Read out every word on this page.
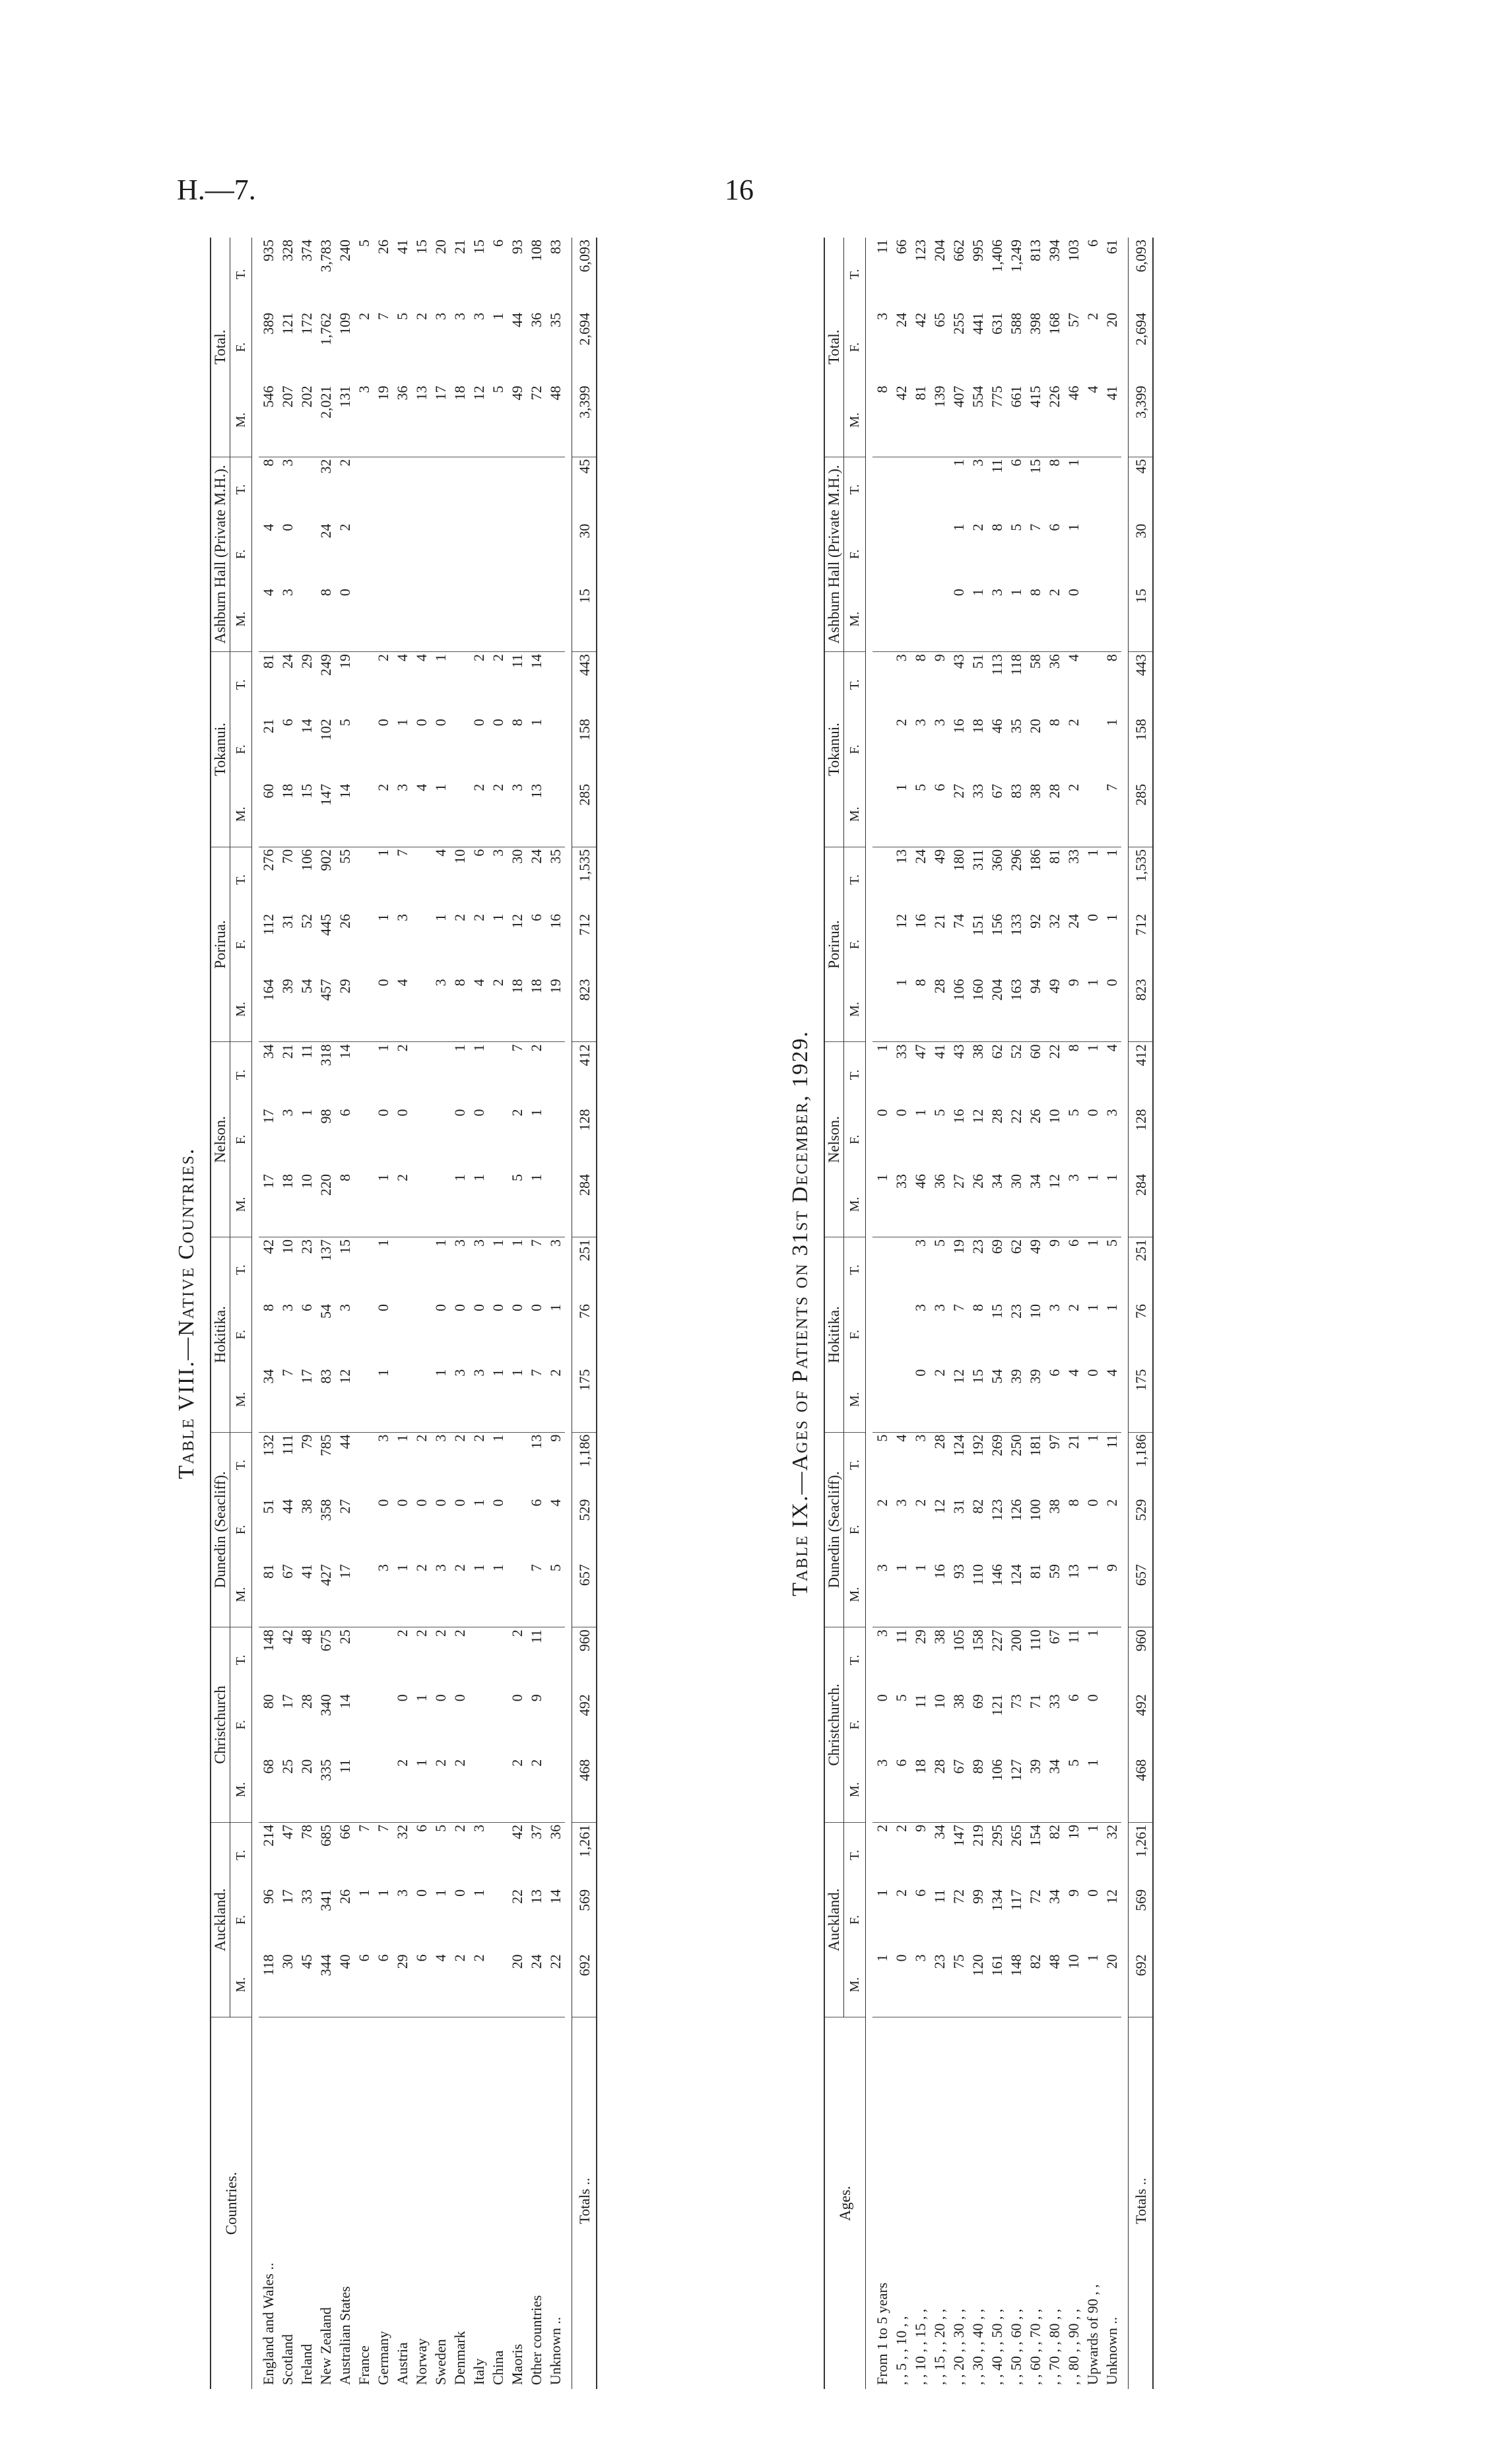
H.—7.	16
Table VIII.—Native Countries.
Countries.	Auckland.			Christchurch			Dunedin (Seacliff).			Hokitika.			Nelson.			Porirua.			Tokanui.			Ashburn Hall (Private M.H.).			Total.		
	M.	F.	T.	M.	F.	T.	M.	F.	T.	M.	F.	T.	M.	F.	T.	M.	F.	T.	M.	F.	T.	M.	F.	T.	M.	F.	T.

England and Wales ..	118	96	214	68	80	148	81	51	132	34	8	42	17	17	34	164	112	276	60	21	81	4	4	8	546	389	935
Scotland	30	17	47	25	17	42	67	44	111	7	3	10	18	3	21	39	31	70	18	6	24	3	0	3	207	121	328
Ireland	45	33	78	20	28	48	41	38	79	17	6	23	10	1	11	54	52	106	15	14	29				202	172	374
New Zealand	344	341	685	335	340	675	427	358	785	83	54	137	220	98	318	457	445	902	147	102	249	8	24	32	2,021	1,762	3,783
Australian States	40	26	66	11	14	25	17	27	44	12	3	15	8	6	14	29	26	55	14	5	19	0	2	2	131	109	240
France	6	1	7																						3	2	5
Germany	6	1	7				3	0	3	1	0	1	1	0	1	0	1	1	2	0	2				19	7	26
Austria	29	3	32	2	0	2	1	0	1				2	0	2	4	3	7	3	1	4				36	5	41
Norway	6	0	6	1	1	2	2	0	2										4	0	4				13	2	15
Sweden	4	1	5	2	0	2	3	0	3	1	0	1				3	1	4	1	0	1				17	3	20
Denmark	2	0	2	2	0	2	2	0	2	3	0	3	1	0	1	8	2	10							18	3	21
Italy	2	1	3				1	1	2	3	0	3	1	0	1	4	2	6	2	0	2				12	3	15
China							1	0	1	1	0	1				2	1	3	2	0	2				5	1	6
Maoris	20	22	42	2	0	2				1	0	1	5	2	7	18	12	30	3	8	11				49	44	93
Other countries	24	13	37	2	9	11	7	6	13	7	0	7	1	1	2	18	6	24	13	1	14				72	36	108
Unknown ..	22	14	36				5	4	9	2	1	3				19	16	35							48	35	83

Totals ..	692	569	1,261	468	492	960	657	529	1,186	175	76	251	284	128	412	823	712	1,535	285	158	443	15	30	45	3,399	2,694	6,093
Table IX.—Ages of Patients on 31st December, 1929.
Ages.	Auckland.			Christchurch.			Dunedin (Seacliff).			Hokitika.			Nelson.			Porirua.			Tokanui.			Ashburn Hall (Private M.H.).			Total.		
	M.	F.	T.	M.	F.	T.	M.	F.	T.	M.	F.	T.	M.	F.	T.	M.	F.	T.	M.	F.	T.	M.	F.	T.	M.	F.	T.

From 1 to 5 years	1	1	2	3	0	3	3	2	5				1	0	1										8	3	11
, , 5 , , 10 , ,	0	2	2	6	5	11	1	3	4				33	0	33	1	12	13	1	2	3				42	24	66
, , 10 , , 15 , ,	3	6	9	18	11	29	1	2	3	0	3	3	46	1	47	8	16	24	5	3	8				81	42	123
, , 15 , , 20 , ,	23	11	34	28	10	38	16	12	28	2	3	5	36	5	41	28	21	49	6	3	9				139	65	204
, , 20 , , 30 , ,	75	72	147	67	38	105	93	31	124	12	7	19	27	16	43	106	74	180	27	16	43	0	1	1	407	255	662
, , 30 , , 40 , ,	120	99	219	89	69	158	110	82	192	15	8	23	26	12	38	160	151	311	33	18	51	1	2	3	554	441	995
, , 40 , , 50 , ,	161	134	295	106	121	227	146	123	269	54	15	69	34	28	62	204	156	360	67	46	113	3	8	11	775	631	1,406
, , 50 , , 60 , ,	148	117	265	127	73	200	124	126	250	39	23	62	30	22	52	163	133	296	83	35	118	1	5	6	661	588	1,249
, , 60 , , 70 , ,	82	72	154	39	71	110	81	100	181	39	10	49	34	26	60	94	92	186	38	20	58	8	7	15	415	398	813
, , 70 , , 80 , ,	48	34	82	34	33	67	59	38	97	6	3	9	12	10	22	49	32	81	28	8	36	2	6	8	226	168	394
, , 80 , , 90 , ,	10	9	19	5	6	11	13	8	21	4	2	6	3	5	8	9	24	33	2	2	4	0	1	1	46	57	103
Upwards of 90 , ,	1	0	1	1	0	1	1	0	1	0	1	1	1	0	1	1	0	1							4	2	6
Unknown ..	20	12	32				9	2	11	4	1	5	1	3	4	0	1	1	7	1	8				41	20	61

Totals ..	692	569	1,261	468	492	960	657	529	1,186	175	76	251	284	128	412	823	712	1,535	285	158	443	15	30	45	3,399	2,694	6,093
